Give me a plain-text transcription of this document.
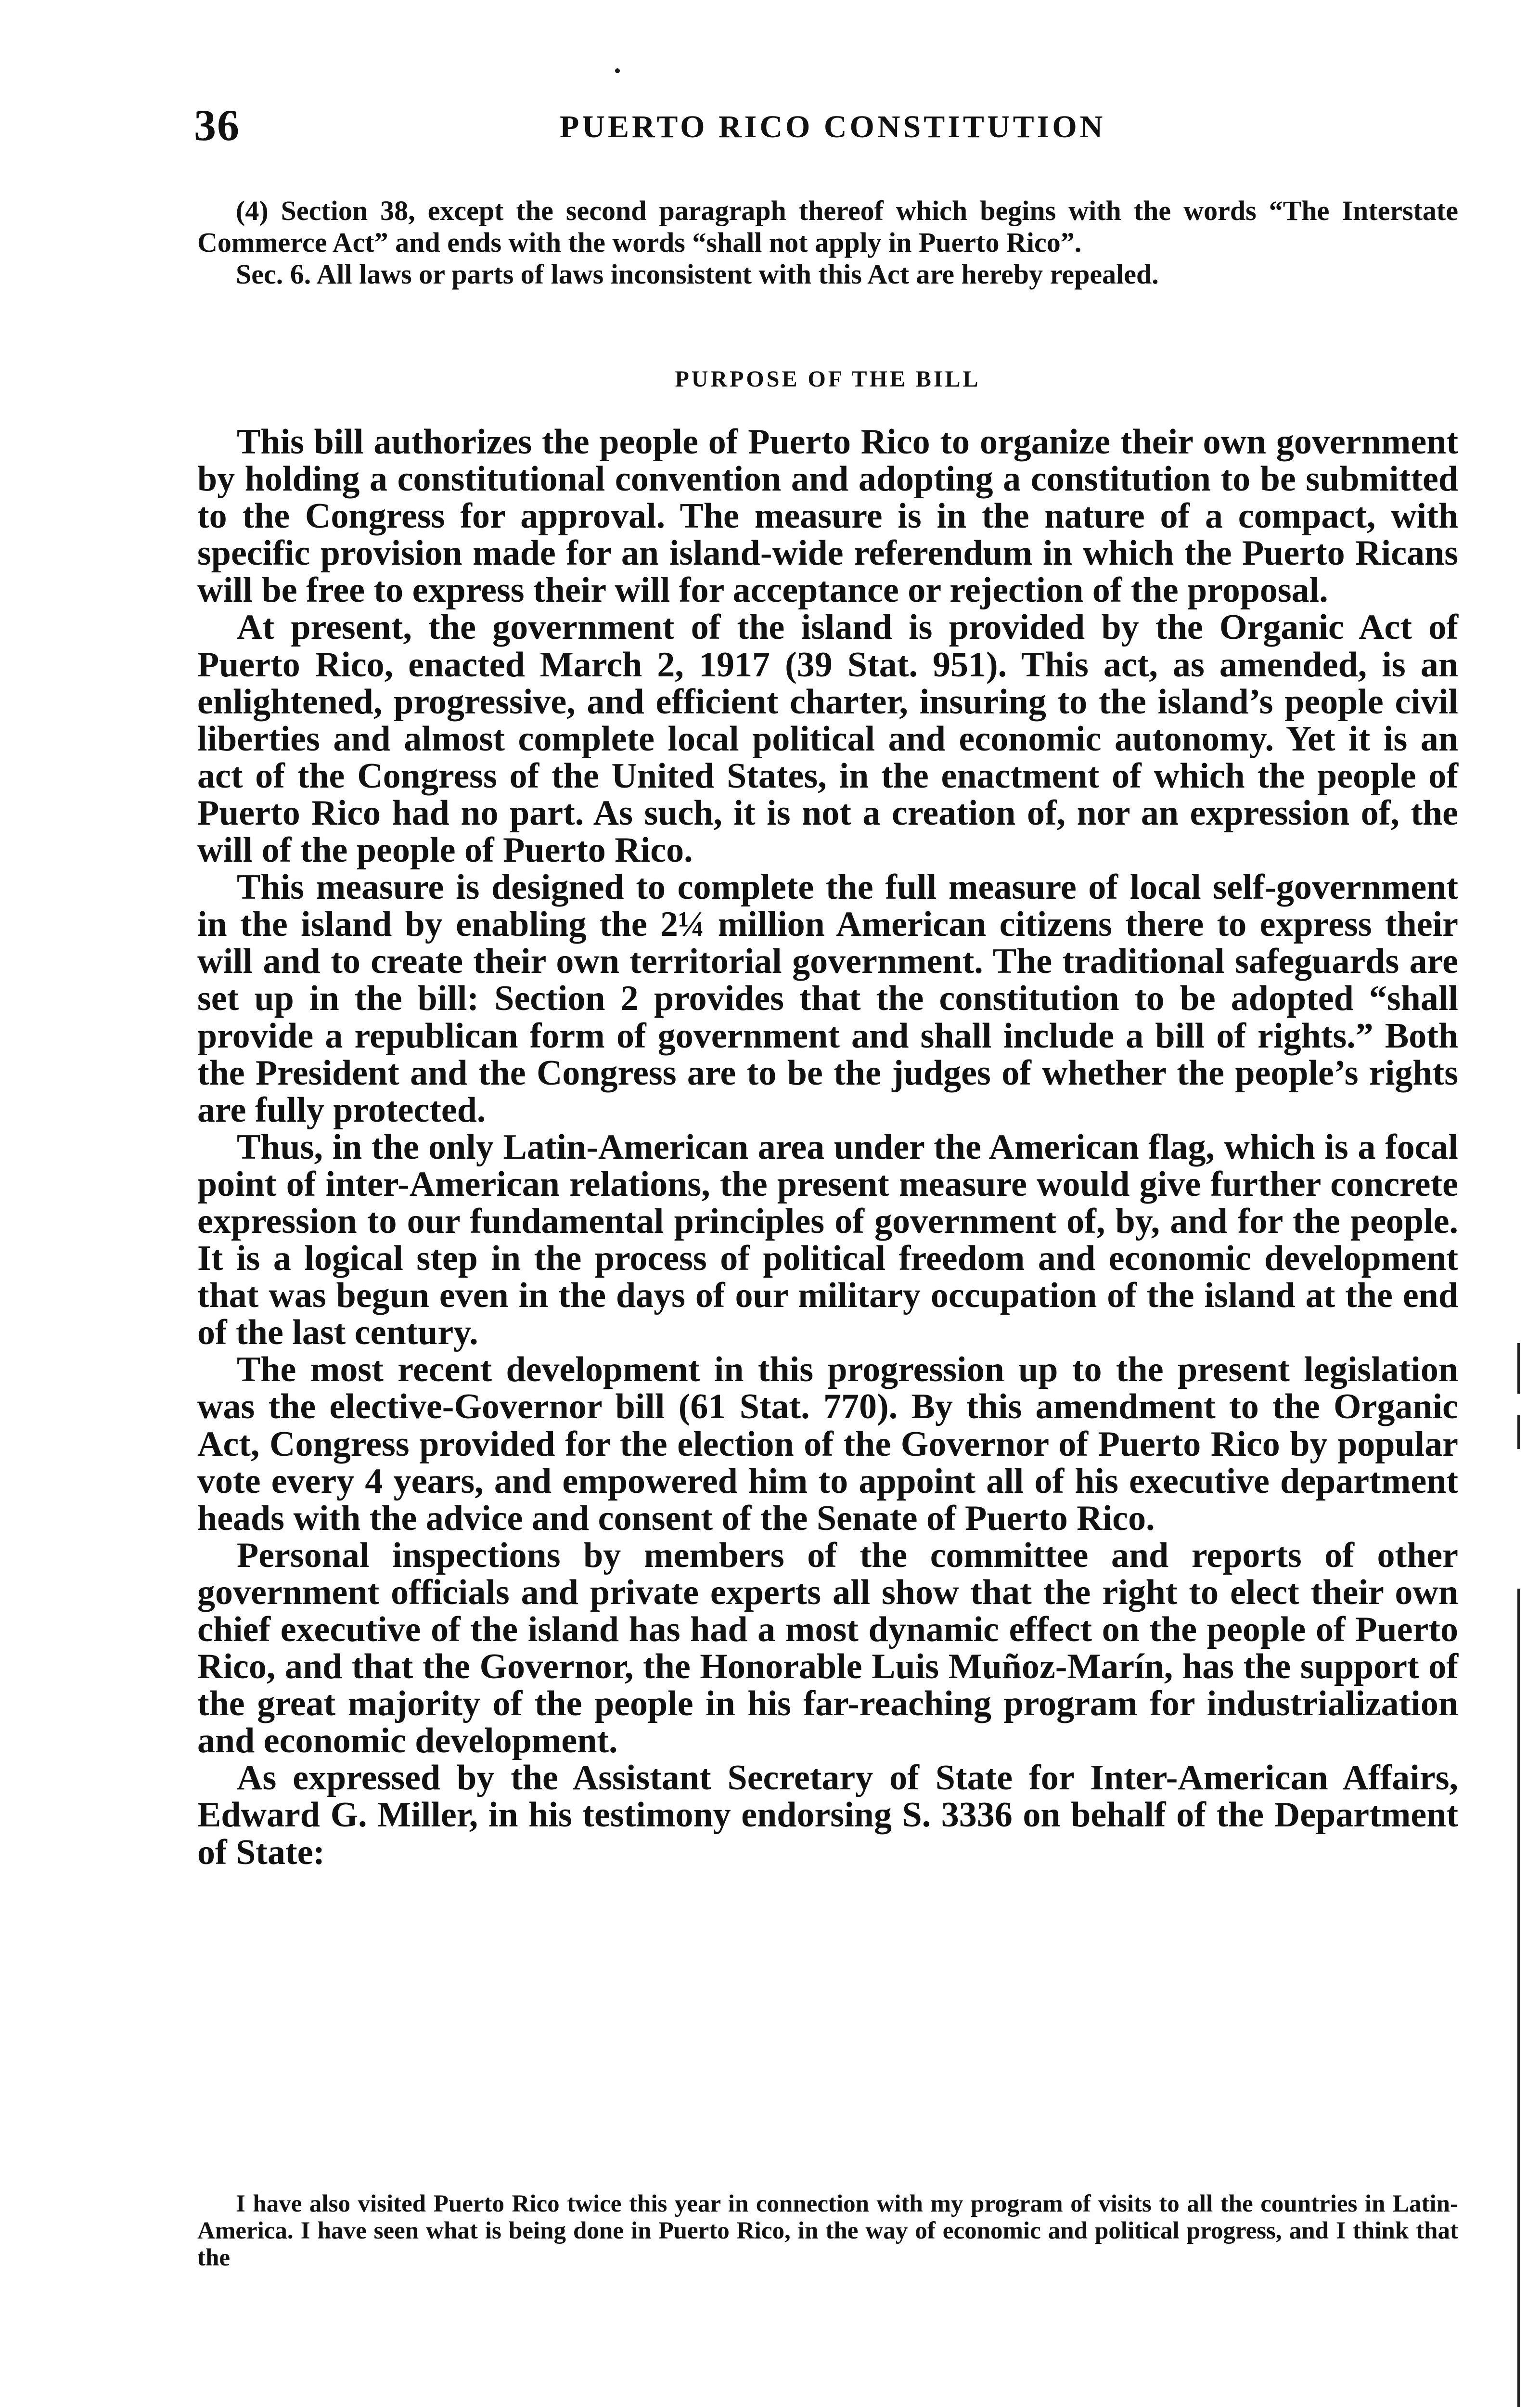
36	PUERTO RICO CONSTITUTION

(4) Section 38, except the second paragraph thereof which begins with the words “The Interstate Commerce Act” and ends with the words “shall not apply in Puerto Rico”.

Sec. 6. All laws or parts of laws inconsistent with this Act are hereby repealed.

PURPOSE OF THE BILL

This bill authorizes the people of Puerto Rico to organize their own government by holding a constitutional convention and adopting a constitution to be submitted to the Congress for approval. The measure is in the nature of a compact, with specific provision made for an island-wide referendum in which the Puerto Ricans will be free to express their will for acceptance or rejection of the proposal.

At present, the government of the island is provided by the Organic Act of Puerto Rico, enacted March 2, 1917 (39 Stat. 951). This act, as amended, is an enlightened, progressive, and efficient charter, insuring to the island’s people civil liberties and almost complete local political and economic autonomy. Yet it is an act of the Congress of the United States, in the enactment of which the people of Puerto Rico had no part. As such, it is not a creation of, nor an expression of, the will of the people of Puerto Rico.

This measure is designed to complete the full measure of local self-government in the island by enabling the 2¼ million American citizens there to express their will and to create their own territorial government. The traditional safeguards are set up in the bill: Section 2 provides that the constitution to be adopted “shall provide a republican form of government and shall include a bill of rights.” Both the President and the Congress are to be the judges of whether the people’s rights are fully protected.

Thus, in the only Latin-American area under the American flag, which is a focal point of inter-American relations, the present measure would give further concrete expression to our fundamental principles of government of, by, and for the people. It is a logical step in the process of political freedom and economic development that was begun even in the days of our military occupation of the island at the end of the last century.

The most recent development in this progression up to the present legislation was the elective-Governor bill (61 Stat. 770). By this amendment to the Organic Act, Congress provided for the election of the Governor of Puerto Rico by popular vote every 4 years, and empowered him to appoint all of his executive department heads with the advice and consent of the Senate of Puerto Rico.

Personal inspections by members of the committee and reports of other government officials and private experts all show that the right to elect their own chief executive of the island has had a most dynamic effect on the people of Puerto Rico, and that the Governor, the Honorable Luis Muñoz-Marín, has the support of the great majority of the people in his far-reaching program for industrialization and economic development.

As expressed by the Assistant Secretary of State for Inter-American Affairs, Edward G. Miller, in his testimony endorsing S. 3336 on behalf of the Department of State:

I have also visited Puerto Rico twice this year in connection with my program of visits to all the countries in Latin-America. I have seen what is being done in Puerto Rico, in the way of economic and political progress, and I think that the
